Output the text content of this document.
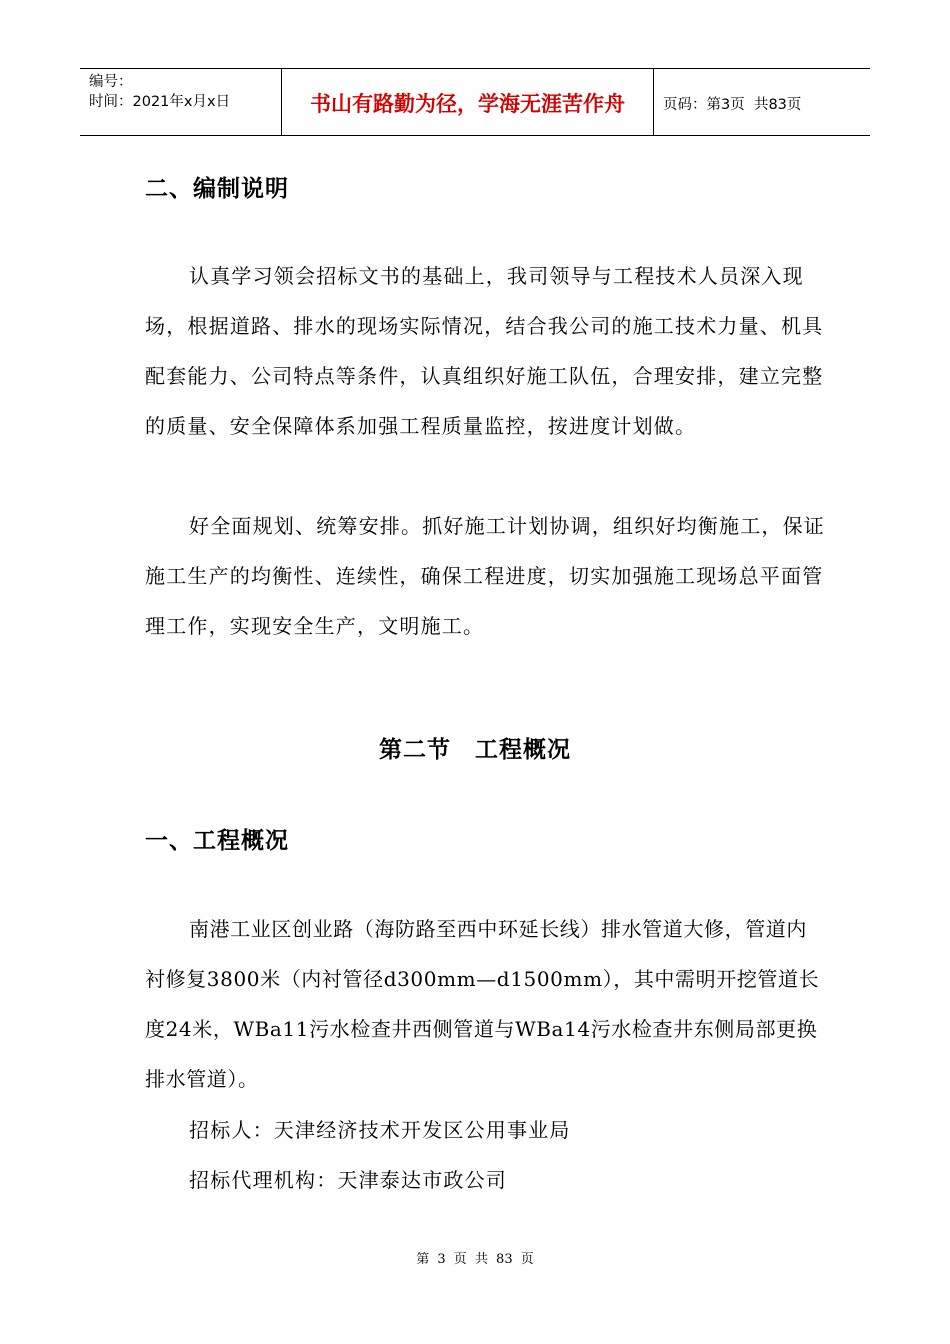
编号：
时间：2021年x月x日	书山有路勤为径，学海无涯苦作舟	页码：第3页  共83页
二、编制说明

认真学习领会招标文书的基础上，我司领导与工程技术人员深入现场，根据道路、排水的现场实际情况，结合我公司的施工技术力量、机具配套能力、公司特点等条件，认真组织好施工队伍，合理安排，建立完整的质量、安全保障体系加强工程质量监控，按进度计划做。

好全面规划、统筹安排。抓好施工计划协调，组织好均衡施工，保证施工生产的均衡性、连续性，确保工程进度，切实加强施工现场总平面管理工作，实现安全生产，文明施工。

第二节　工程概况
一、工程概况

南港工业区创业路（海防路至西中环延长线）排水管道大修，管道内衬修复3800米（内衬管径d300mm—d1500mm），其中需明开挖管道长度24米，WBa11污水检查井西侧管道与WBa14污水检查井东侧局部更换排水管道）。

招标人：天津经济技术开发区公用事业局

招标代理机构：天津泰达市政公司

第 3 页 共 83 页
